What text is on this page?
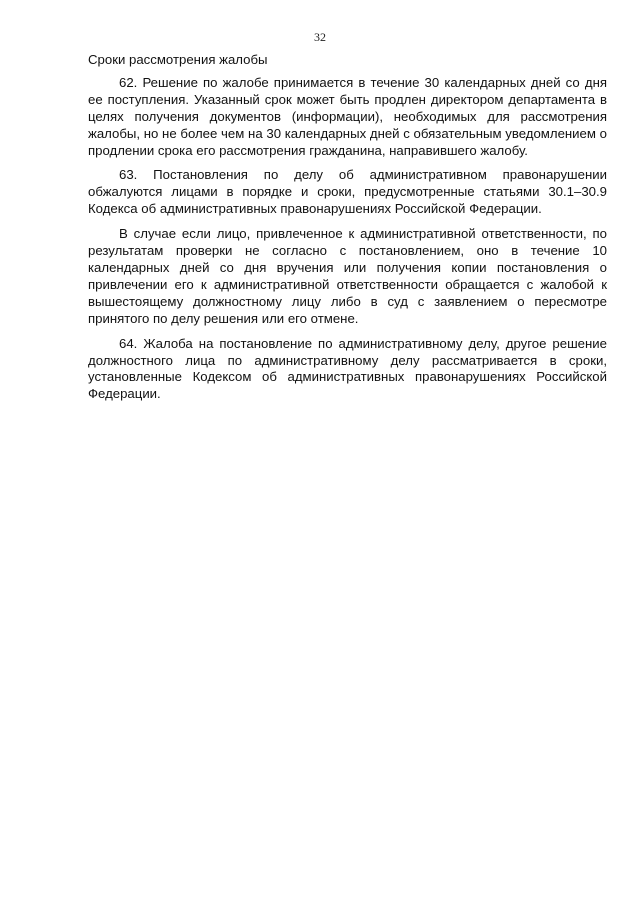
32
Сроки рассмотрения жалобы

62. Решение по жалобе принимается в течение 30 календарных дней со дня ее поступления. Указанный срок может быть продлен директором департамента в целях получения документов (информации), необходимых для рассмотрения жалобы, но не более чем на 30 календарных дней с обязательным уведомлением о продлении срока его рассмотрения гражданина, направившего жалобу.

63. Постановления по делу об административном правонарушении обжалуются лицами в порядке и сроки, предусмотренные статьями 30.1–30.9 Кодекса об административных правонарушениях Российской Федерации.

В случае если лицо, привлеченное к административной ответственности, по результатам проверки не согласно с постановлением, оно в течение 10 календарных дней со дня вручения или получения копии постановления о привлечении его к административной ответственности обращается с жалобой к вышестоящему должностному лицу либо в суд с заявлением о пересмотре принятого по делу решения или его отмене.

64. Жалоба на постановление по административному делу, другое решение должностного лица по административному делу рассматривается в сроки, установленные Кодексом об административных правонарушениях Российской Федерации.
